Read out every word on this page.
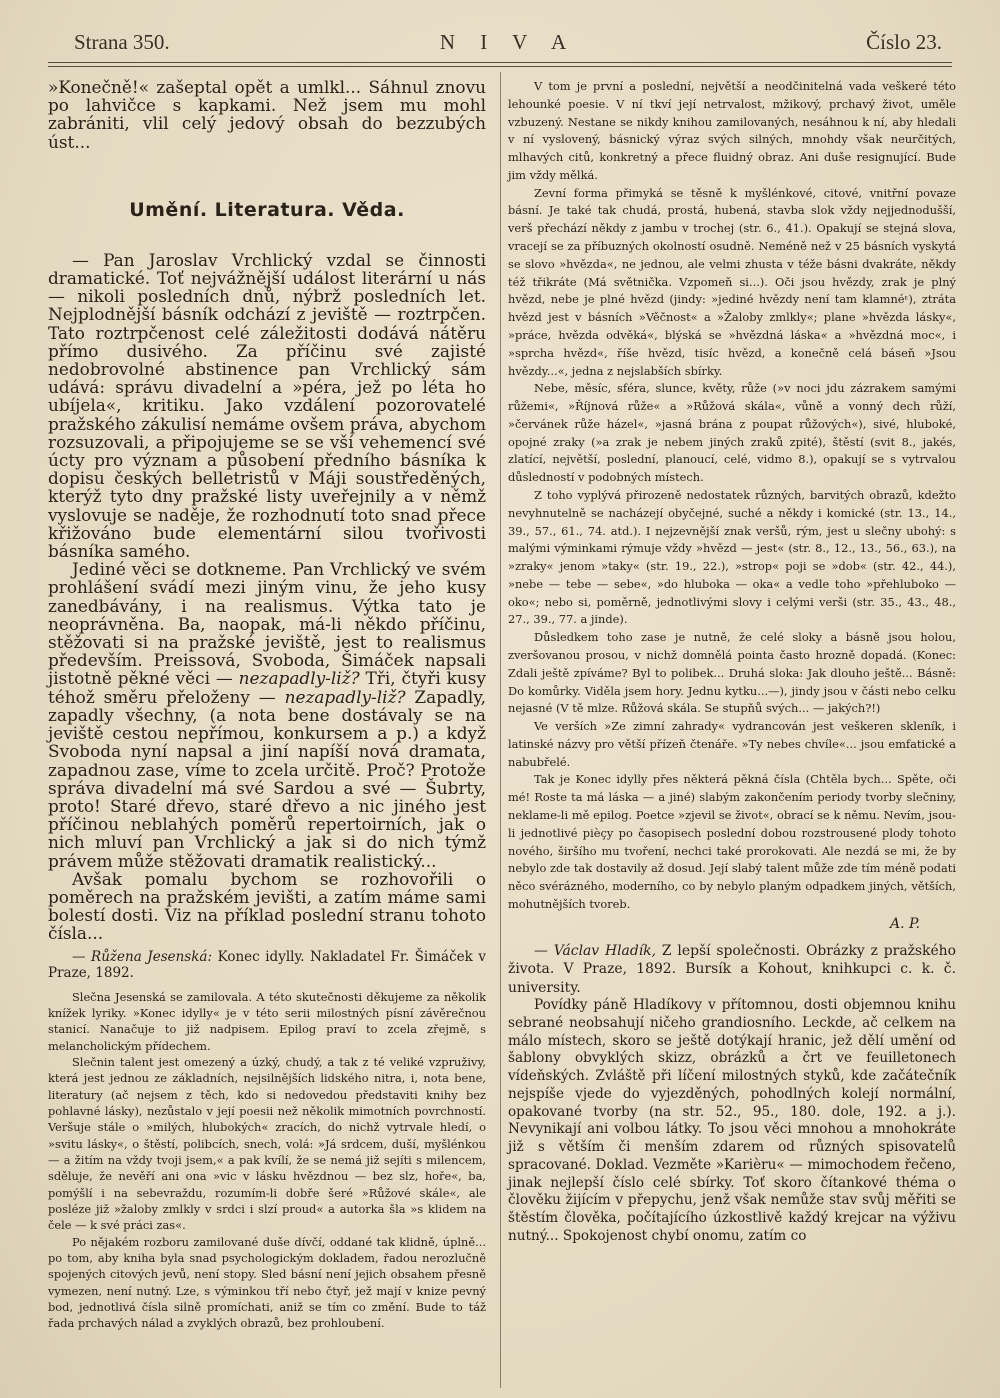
Strana 350.	N I V A	Číslo 23.

»Konečně!« zašeptal opět a umlkl... Sáhnul znovu po lahvičce s kapkami. Než jsem mu mohl zabrániti, vlil celý jedový obsah do bezzubých úst...

Umění. Literatura. Věda.

— Pan Jaroslav Vrchlický vzdal se činnosti dramatické. Toť nejvážnější událost literární u nás — nikoli posledních dnů, nýbrž posledních let. Nejplodnější básník odchází z jeviště — roztrpčen. Tato roztrpčenost celé záležitosti dodává nátěru přímo dusivého. Za příčinu své zajisté nedobrovolné abstinence pan Vrchlický sám udává: správu divadelní a »péra, jež po léta ho ubíjela«, kritiku. Jako vzdálení pozorovatelé pražského zákulisí nemáme ovšem práva, abychom rozsuzovali, a připojujeme se se vší vehemencí své úcty pro význam a působení předního básníka k dopisu českých belletristů v Máji soustředěných, kterýž tyto dny pražské listy uveřejnily a v němž vyslovuje se naděje, že rozhodnutí toto snad přece křižováno bude elementární silou tvořivosti básníka samého.

Jediné věci se dotkneme. Pan Vrchlický ve svém prohlášení svádí mezi jiným vinu, že jeho kusy zanedbávány, i na realismus. Výtka tato je neoprávněna. Ba, naopak, má-li někdo příčinu, stěžovati si na pražské jeviště, jest to realismus především. Preissová, Svoboda, Šimáček napsali jistotně pěkné věci — nezapadly-liž? Tři, čtyři kusy téhož směru přeloženy — nezapadly-liž? Zapadly, zapadly všechny, (a nota bene dostávaly se na jeviště cestou nepřímou, konkursem a p.) a když Svoboda nyní napsal a jiní napíší nová dramata, zapadnou zase, víme to zcela určitě. Proč? Protože správa divadelní má své Sardou a své — Šubrty, proto! Staré dřevo, staré dřevo a nic jiného jest příčinou neblahých poměrů repertoirních, jak o nich mluví pan Vrchlický a jak si do nich týmž právem může stěžovati dramatik realistický...

Avšak pomalu bychom se rozhovořili o poměrech na pražském jevišti, a zatím máme sami bolestí dosti. Viz na příklad poslední stranu tohoto čísla...

— Růžena Jesenská: Konec idylly. Nakladatel Fr. Šimáček v Praze, 1892.

Slečna Jesenská se zamilovala. A této skutečnosti děkujeme za několik knížek lyriky. »Konec idylly« je v této serii milostných písní závěrečnou stanicí. Nanačuje to již nadpisem. Epilog praví to zcela zřejmě, s melancholickým přídechem.

Slečnin talent jest omezený a úzký, chudý, a tak z té veliké vzpruživy, která jest jednou ze základních, nejsilnějších lidského nitra, i, nota bene, literatury (ač nejsem z těch, kdo si nedovedou představiti knihy bez pohlavné lásky), nezůstalo v její poesii než několik mimotních povrchností. Veršuje stále o »milých, hlubokých« zracích, do nichž vytrvale hledí, o »svitu lásky«, o štěstí, polibcích, snech, volá: »Já srdcem, duší, myšlénkou — a žitím na vždy tvoji jsem,« a pak kvílí, že se nemá již sejíti s milencem, sděluje, že nevěří ani ona »vic v lásku hvězdnou — bez slz, hoře«, ba, pomýšlí i na sebevraždu, rozumím-li dobře šeré »Růžové skále«, ale posléze již »žaloby zmlkly v srdci i slzí proud« a autorka šla »s klidem na čele — k své práci zas«.

Po nějakém rozboru zamilované duše dívčí, oddané tak klidně, úplně... po tom, aby kniha byla snad psychologickým dokladem, řadou nerozlučně spojených citových jevů, není stopy. Sled básní není jejich obsahem přesně vymezen, není nutný. Lze, s výminkou tří nebo čtyř, jež mají v knize pevný bod, jednotlivá čísla silně promíchati, aniž se tím co změní. Bude to táž řada prchavých nálad a zvyklých obrazů, bez prohloubení.

V tom je první a poslední, největší a neodčinitelná vada veškeré této lehounké poesie. V ní tkví její netrvalost, mžikový, prchavý život, uměle vzbuzený. Nestane se nikdy knihou zamilovaných, nesáhnou k ní, aby hledali v ní vyslovený, básnický výraz svých silných, mnohdy však neurčitých, mlhavých citů, konkretný a přece fluidný obraz. Ani duše resignující. Bude jim vždy mělká.

Zevní forma přimyká se těsně k myšlénkové, citové, vnitřní povaze básní. Je také tak chudá, prostá, hubená, stavba slok vždy nejjednodušší, verš přechází někdy z jambu v trochej (str. 6., 41.). Opakují se stejná slova, vracejí se za příbuzných okolností osudně. Neméně než v 25 básních vyskytá se slovo »hvězda«, ne jednou, ale velmi zhusta v téže básni dvakráte, někdy též třikráte (Má světnička. Vzpomeň si...). Oči jsou hvězdy, zrak je plný hvězd, nebe je plné hvězd (jindy: »jediné hvězdy není tam klamnéᵋ), ztráta hvězd jest v básních »Věčnost« a »Žaloby zmlkly«; plane »hvězda lásky«, »práce, hvězda odvěká«, blýská se »hvězdná láska« a »hvězdná moc«, i »sprcha hvězd«, říše hvězd, tisíc hvězd, a konečně celá báseň »Jsou hvězdy...«, jedna z nejslabších sbírky.

Nebe, měsíc, sféra, slunce, květy, růže (»v noci jdu zázrakem samými růžemi«, »Říjnová růže« a »Růžová skála«, vůně a vonný dech růží, »červánek růže házel«, »jasná brána z poupat růžových«), sivé, hluboké, opojné zraky (»a zrak je nebem jiných zraků zpité), štěstí (svit 8., jakés, zlatící, největší, poslední, planoucí, celé, vidmo 8.), opakují se s vytrvalou důsledností v podobných místech.

Z toho vyplývá přirozeně nedostatek různých, barvitých obrazů, kdežto nevyhnutelně se nacházejí obyčejné, suché a někdy i komické (str. 13., 14., 39., 57., 61., 74. atd.). I nejzevnější znak veršů, rým, jest u slečny ubohý: s malými výminkami rýmuje vždy »hvězd — jest« (str. 8., 12., 13., 56., 63.), na »zraky« jenom »taky« (str. 19., 22.), »strop« poji se »dob« (str. 42., 44.), »nebe — tebe — sebe«, »do hluboka — oka« a vedle toho »přehluboko — oko«; nebo si, poměrně, jednotlivými slovy i celými verši (str. 35., 43., 48., 27., 39., 77. a jinde).

Důsledkem toho zase je nutně, že celé sloky a básně jsou holou, zveršovanou prosou, v nichž domnělá pointa často hrozně dopadá. (Konec: Zdali ještě zpíváme? Byl to polibek... Druhá sloka: Jak dlouho ještě... Básně: Do komůrky. Viděla jsem hory. Jednu kytku...—), jindy jsou v části nebo celku nejasné (V tě mlze. Růžová skála. Se stupňů svých... — jakých?!)

Ve verších »Ze zimní zahrady« vydrancován jest veškeren skleník, i latinské názvy pro větší přízeň čtenáře. »Ty nebes chvíle«... jsou emfatické a nabubřelé.

Tak je Konec idylly přes některá pěkná čísla (Chtěla bych... Spěte, oči mé! Roste ta má láska — a jiné) slabým zakončením periody tvorby slečniny, neklame-li mě epilog. Poetce »zjevil se život«, obrací se k němu. Nevím, jsou-li jednotlivé pièçy po časopisech poslední dobou rozstrousené plody tohoto nového, širšího mu tvoření, nechci také prorokovati. Ale nezdá se mi, že by nebylo zde tak dostavily až dosud. Její slabý talent může zde tím méně podati něco svérázného, moderního, co by nebylo planým odpadkem jiných, větších, mohutnějších tvoreb.

A. P.

— Václav Hladík, Z lepší společnosti. Obrázky z pražského života. V Praze, 1892. Bursík a Kohout, knihkupci c. k. č. university.

Povídky páně Hladíkovy v přítomnou, dosti objemnou knihu sebrané neobsahují ničeho grandiosního. Leckde, ač celkem na málo místech, skoro se ještě dotýkají hranic, jež dělí umění od šablony obvyklých skizz, obrázků a črt ve feuilletonech vídeňských. Zvláště při líčení milostných styků, kde začátečník nejspíše vjede do vyjezděných, pohodlných kolejí normální, opakované tvorby (na str. 52., 95., 180. dole, 192. a j.). Nevynikají ani volbou látky. To jsou věci mnohou a mnohokráte již s větším či menším zdarem od různých spisovatelů spracované. Doklad. Vezměte »Karièru« — mimochodem řečeno, jinak nejlepší číslo celé sbírky. Toť skoro čítankové théma o člověku žijícím v přepychu, jenž však nemůže stav svůj měřiti se štěstím člověka, počítajícího úzkostlivě každý krejcar na výživu nutný... Spokojenost chybí onomu, zatím co
